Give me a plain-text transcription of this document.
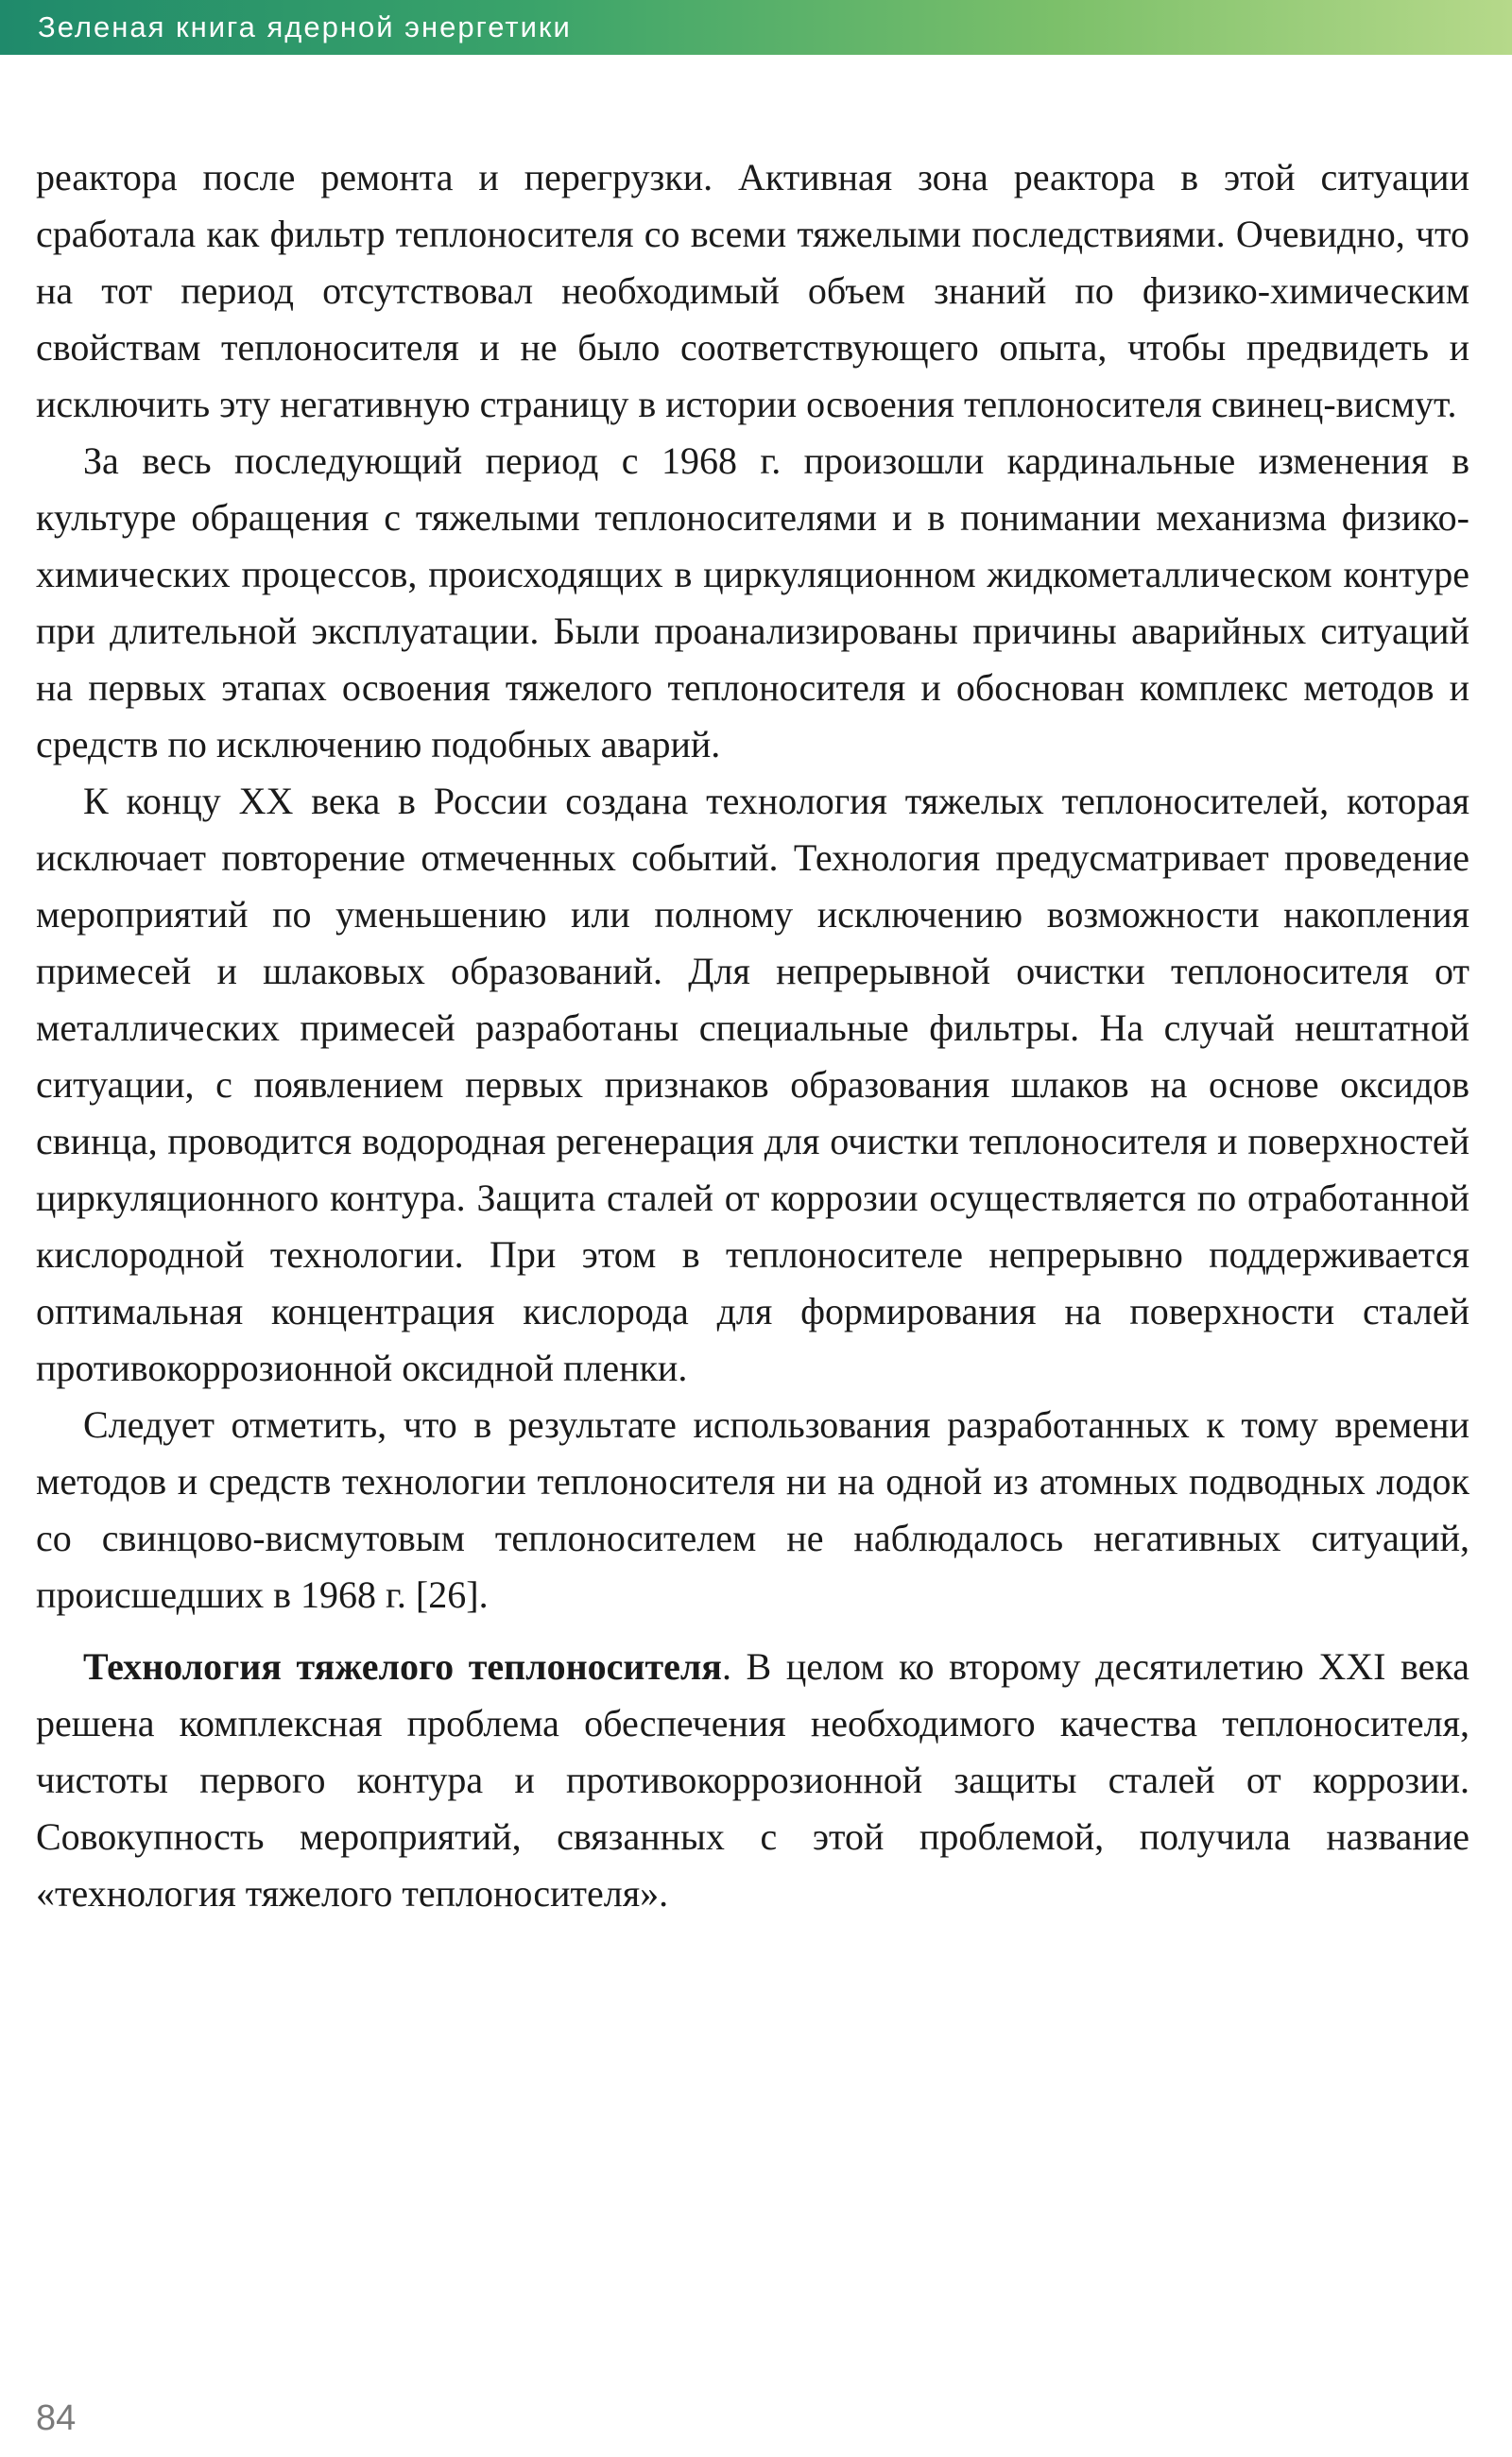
Зеленая книга ядерной энергетики

реактора после ремонта и перегрузки. Активная зона реактора в этой ситуации сработала как фильтр теплоносителя со всеми тяжелыми последствиями. Очевидно, что на тот период отсутствовал необходимый объем знаний по физико-химическим свойствам теплоносителя и не было соответствующего опыта, чтобы предвидеть и исключить эту негативную страницу в истории освоения теплоносителя свинец-висмут.

За весь последующий период с 1968 г. произошли кардинальные изменения в культуре обращения с тяжелыми теплоносителями и в понимании механизма физико-химических процессов, происходящих в циркуляционном жидкометаллическом контуре при длительной эксплуатации. Были проанализированы причины аварийных ситуаций на первых этапах освоения тяжелого теплоносителя и обоснован комплекс методов и средств по исключению подобных аварий.

К концу XX века в России создана технология тяжелых теплоносителей, которая исключает повторение отмеченных событий. Технология предусматривает проведение мероприятий по уменьшению или полному исключению возможности накопления примесей и шлаковых образований. Для непрерывной очистки теплоносителя от металлических примесей разработаны специальные фильтры. На случай нештатной ситуации, с появлением первых признаков образования шлаков на основе оксидов свинца, проводится водородная регенерация для очистки теплоносителя и поверхностей циркуляционного контура. Защита сталей от коррозии осуществляется по отработанной кислородной технологии. При этом в теплоносителе непрерывно поддерживается оптимальная концентрация кислорода для формирования на поверхности сталей противокоррозионной оксидной пленки.

Следует отметить, что в результате использования разработанных к тому времени методов и средств технологии теплоносителя ни на одной из атомных подводных лодок со свинцово-висмутовым теплоносителем не наблюдалось негативных ситуаций, происшедших в 1968 г. [26].

Технология тяжелого теплоносителя. В целом ко второму десятилетию XXI века решена комплексная проблема обеспечения необходимого качества теплоносителя, чистоты первого контура и противокоррозионной защиты сталей от коррозии. Совокупность мероприятий, связанных с этой проблемой, получила название «технология тяжелого теплоносителя».

84
